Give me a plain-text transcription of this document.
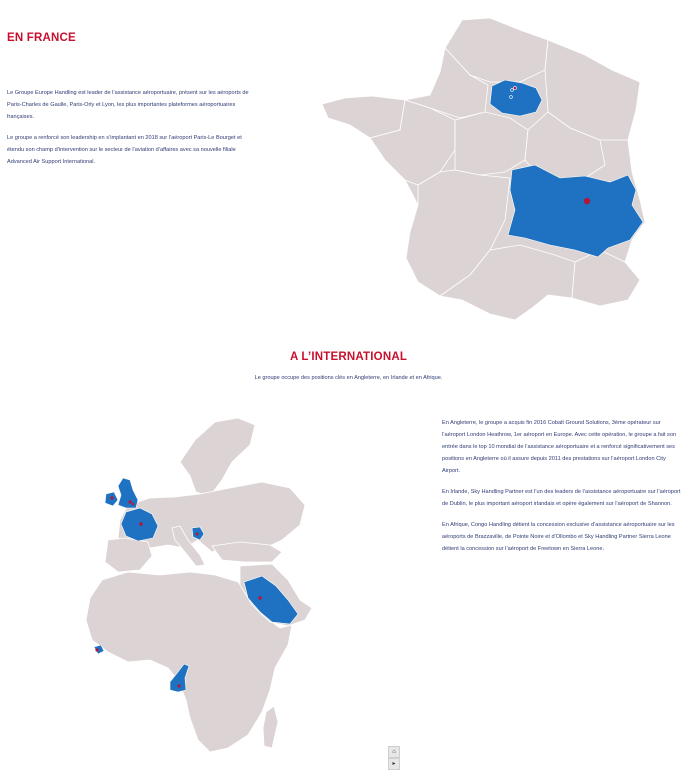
EN FRANCE

Le Groupe Europe Handling est leader de l’assistance aéroportuaire, présent sur les aéroports de Paris-Charles de Gaulle, Paris-Orly et Lyon, les plus importantes plateformes aéroportuaires françaises.

Le groupe a renforcé son leadership en s’implantant en 2018 sur l’aéroport Paris-Le Bourget et étendu son champ d’intervention sur le secteur de l’aviation d’affaires avec sa nouvelle filiale Advanced Air Support International.

A L’INTERNATIONAL
Le groupe occupe des positions clés en Angleterre, en Irlande et en Afrique.

En Angleterre, le groupe a acquis fin 2016 Cobalt Ground Solutions, 3ème opérateur sur l’aéroport London Heathrow, 1er aéroport en Europe. Avec cette opération, le groupe a fait son entrée dans le top 10 mondial de l’assistance aéroportuaire et a renforcé significativement ses positions en Angleterre où il assure depuis 2011 des prestations sur l’aéroport London City Airport.

En Irlande, Sky Handling Partner est l’un des leaders de l’assistance aéroportuaire sur l’aéroport de Dublin, le plus important aéroport irlandais et opère également sur l’aéroport de Shannon.

En Afrique, Congo Handling détient la concession exclusive d’assistance aéroportuaire sur les aéroports de Brazzaville, de Pointe Noire et d’Ollombo et Sky Handling Partner Sierra Leone détient la concession sur l’aéroport de Freetown en Sierra Leone.

⌂
▸
